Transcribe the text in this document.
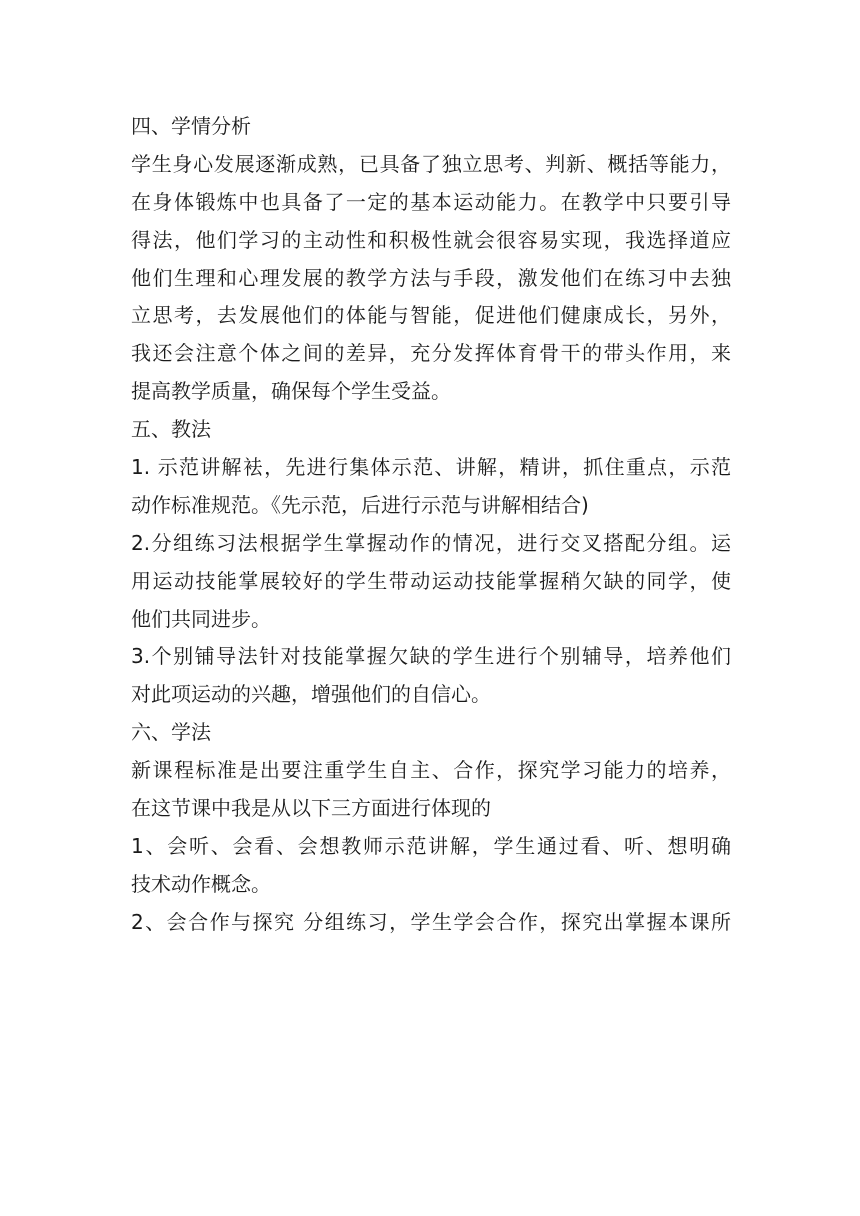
四、学情分析
学生身心发展逐渐成熟，已具备了独立思考、判新、概括等能力，
在身体锻炼中也具备了一定的基本运动能力。在教学中只要引导
得法，他们学习的主动性和积极性就会很容易实现，我选择道应
他们生理和心理发展的教学方法与手段，激发他们在练习中去独
立思考，去发展他们的体能与智能，促进他们健康成长，另外，
我还会注意个体之间的差异，充分发挥体育骨干的带头作用，来
提高教学质量，确保每个学生受益。
五、教法
1. 示范讲解袪，先进行集体示范、讲解，精讲，抓住重点，示范
动作标准规范。《先示范，后进行示范与讲解相结合)
2.分组练习法根据学生掌握动作的情况，进行交叉搭配分组。运
用运动技能掌展较好的学生带动运动技能掌握稍欠缺的同学，使
他们共同进步。
3.个别铺导法针对技能掌握欠缺的学生进行个别辅导，培养他们
对此项运动的兴趣，增强他们的自信心。
六、学法
新课程标准是出要注重学生自主、合作，探究学习能力的培养，
在这节课中我是从以下三方面进行体现的
1、会听、会看、会想教师示范讲解，学生通过看、听、想明确
技术动作概念。
2、会合作与探究 分组练习，学生学会合作，探究出掌握本课所
